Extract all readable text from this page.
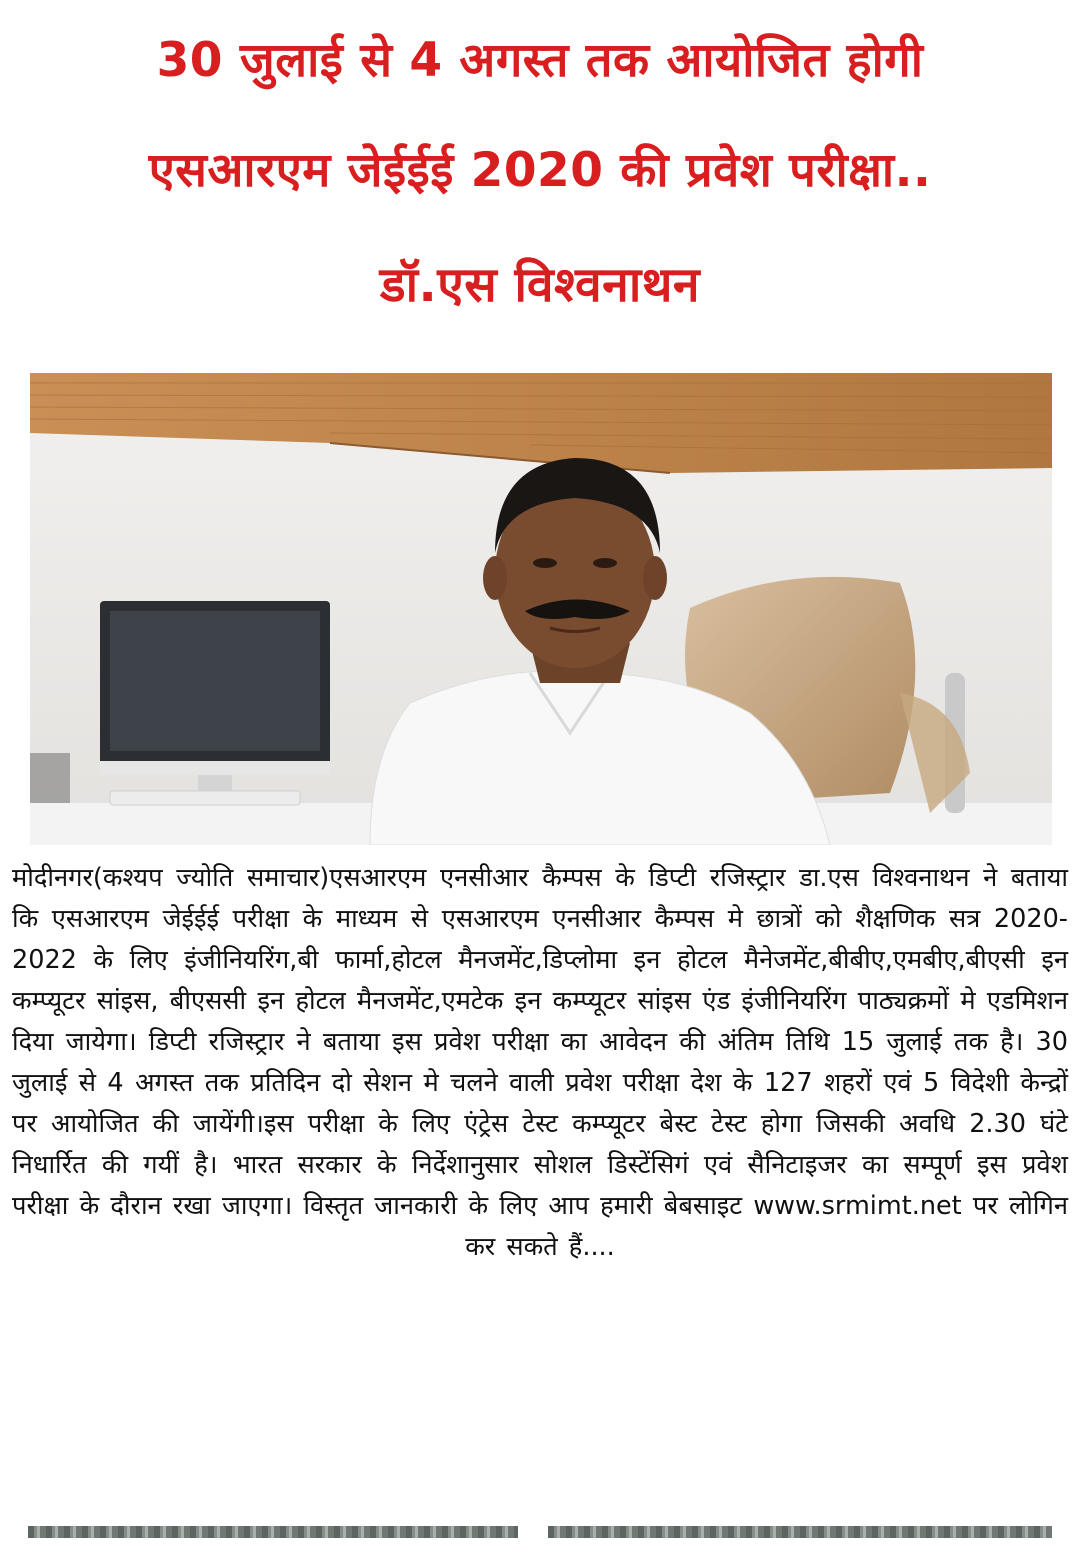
30 जुलाई से 4 अगस्त तक आयोजित होगी
एसआरएम जेईईई 2020 की प्रवेश परीक्षा..
डॉ.एस विश्वनाथन
मोदीनगर(कश्यप ज्योति समाचार)एसआरएम एनसीआर कैम्पस के डिप्टी रजिस्ट्रार डा.एस विश्वनाथन ने बताया कि एसआरएम जेईईई परीक्षा के माध्यम से एसआरएम एनसीआर कैम्पस मे छात्रों को शैक्षणिक सत्र 2020-2022 के लिए इंजीनियरिंग,बी फार्मा,होटल मैनजमेंट,डिप्लोमा इन होटल मैनेजमेंट,बीबीए,एमबीए,बीएसी इन कम्प्यूटर सांइस, बीएससी इन होटल मैनजमेंट,एमटेक इन कम्प्यूटर सांइस एंड इंजीनियरिंग पाठ्यक्रमों मे एडमिशन दिया जायेगा। डिप्टी रजिस्ट्रार ने बताया इस प्रवेश परीक्षा का आवेदन की अंतिम तिथि 15 जुलाई तक है। 30 जुलाई से 4 अगस्त तक प्रतिदिन दो सेशन मे चलने वाली प्रवेश परीक्षा देश के 127 शहरों एवं 5 विदेशी केन्द्रों पर आयोजित की जायेंगी।इस परीक्षा के लिए एंट्रेस टेस्ट कम्प्यूटर बेस्ट टेस्ट होगा जिसकी अवधि 2.30 घंटे निधार्रित की गयीं है। भारत सरकार के निर्देशानुसार सोशल डिस्टेंसिगं एवं सैनिटाइजर का सम्पूर्ण इस प्रवेश परीक्षा के दौरान रखा जाएगा। विस्तृत जानकारी के लिए आप हमारी बेबसाइट www.srmimt.net पर लोगिन कर सकते हैं....
